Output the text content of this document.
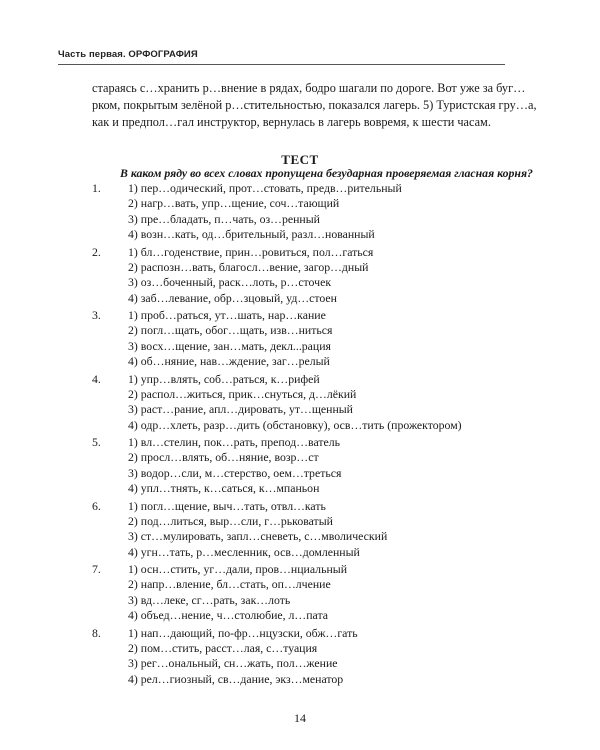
Часть первая. ОРФОГРАФИЯ
стараясь с…хранить р…внение в рядах, бодро шагали по дороге. Вот уже за буг…
рком, покрытым зелёной р…стительностью, показался лагерь. 5) Туристская гру…а,
как и предпол…гал инструктор, вернулась в лагерь вовремя, к шести часам.
ТЕСТ
В каком ряду во всех словах пропущена безударная проверяемая гласная корня?
1.	1) пер…одический, прот…стовать, предв…рительный
2) нагр…вать, упр…щение, соч…тающий
3) пре…бладать, п…чать, оз…ренный
4) возн…кать, од…брительный, разл…нованный
2.	1) бл…годенствие, прин…ровиться, пол…гаться
2) распозн…вать, благосл…вение, загор…дный
3) оз…боченный, раск…лоть, р…сточек
4) заб…левание, обр…зцовый, уд…стоен
3.	1) проб…раться, ут…шать, нар…кание
2) погл…щать, обог…щать, изв…ниться
3) восх…щение, зан…мать, декл...рация
4) об…няние, нав…ждение, заг…релый
4.	1) упр…влять, соб…раться, к…рифей
2) распол…житься, прик…снуться, д…лёкий
3) раст…рание, апл…дировать, ут…щенный
4) одр…хлеть, разр…дить (обстановку), осв…тить (прожектором)
5.	1) вл…стелин, пок…рать, препод…ватель
2) просл…влять, об…няние, возр…ст
3) водор…сли, м…стерство, оем…треться
4) упл…тнять, к…саться, к…мпаньон
6.	1) погл…щение, выч…тать, отвл…кать
2) под…литься, выр…сли, г…рьковатый
3) ст…мулировать, запл…сневеть, с…мволический
4) угн…тать, р…месленник, осв…домленный
7.	1) осн…стить, уг…дали, пров…нциальный
2) напр…вление, бл…стать, оп…лчение
3) вд…леке, сг…рать, зак…лоть
4) объед…нение, ч…столюбие, л…пата
8.	1) нап…дающий, по-фр…нцузски, обж…гать
2) пом…стить, расст…лая, с…туация
3) рег…ональный, сн…жать, пол…жение
4) рел…гиозный, св…дание, экз…менатор
14
